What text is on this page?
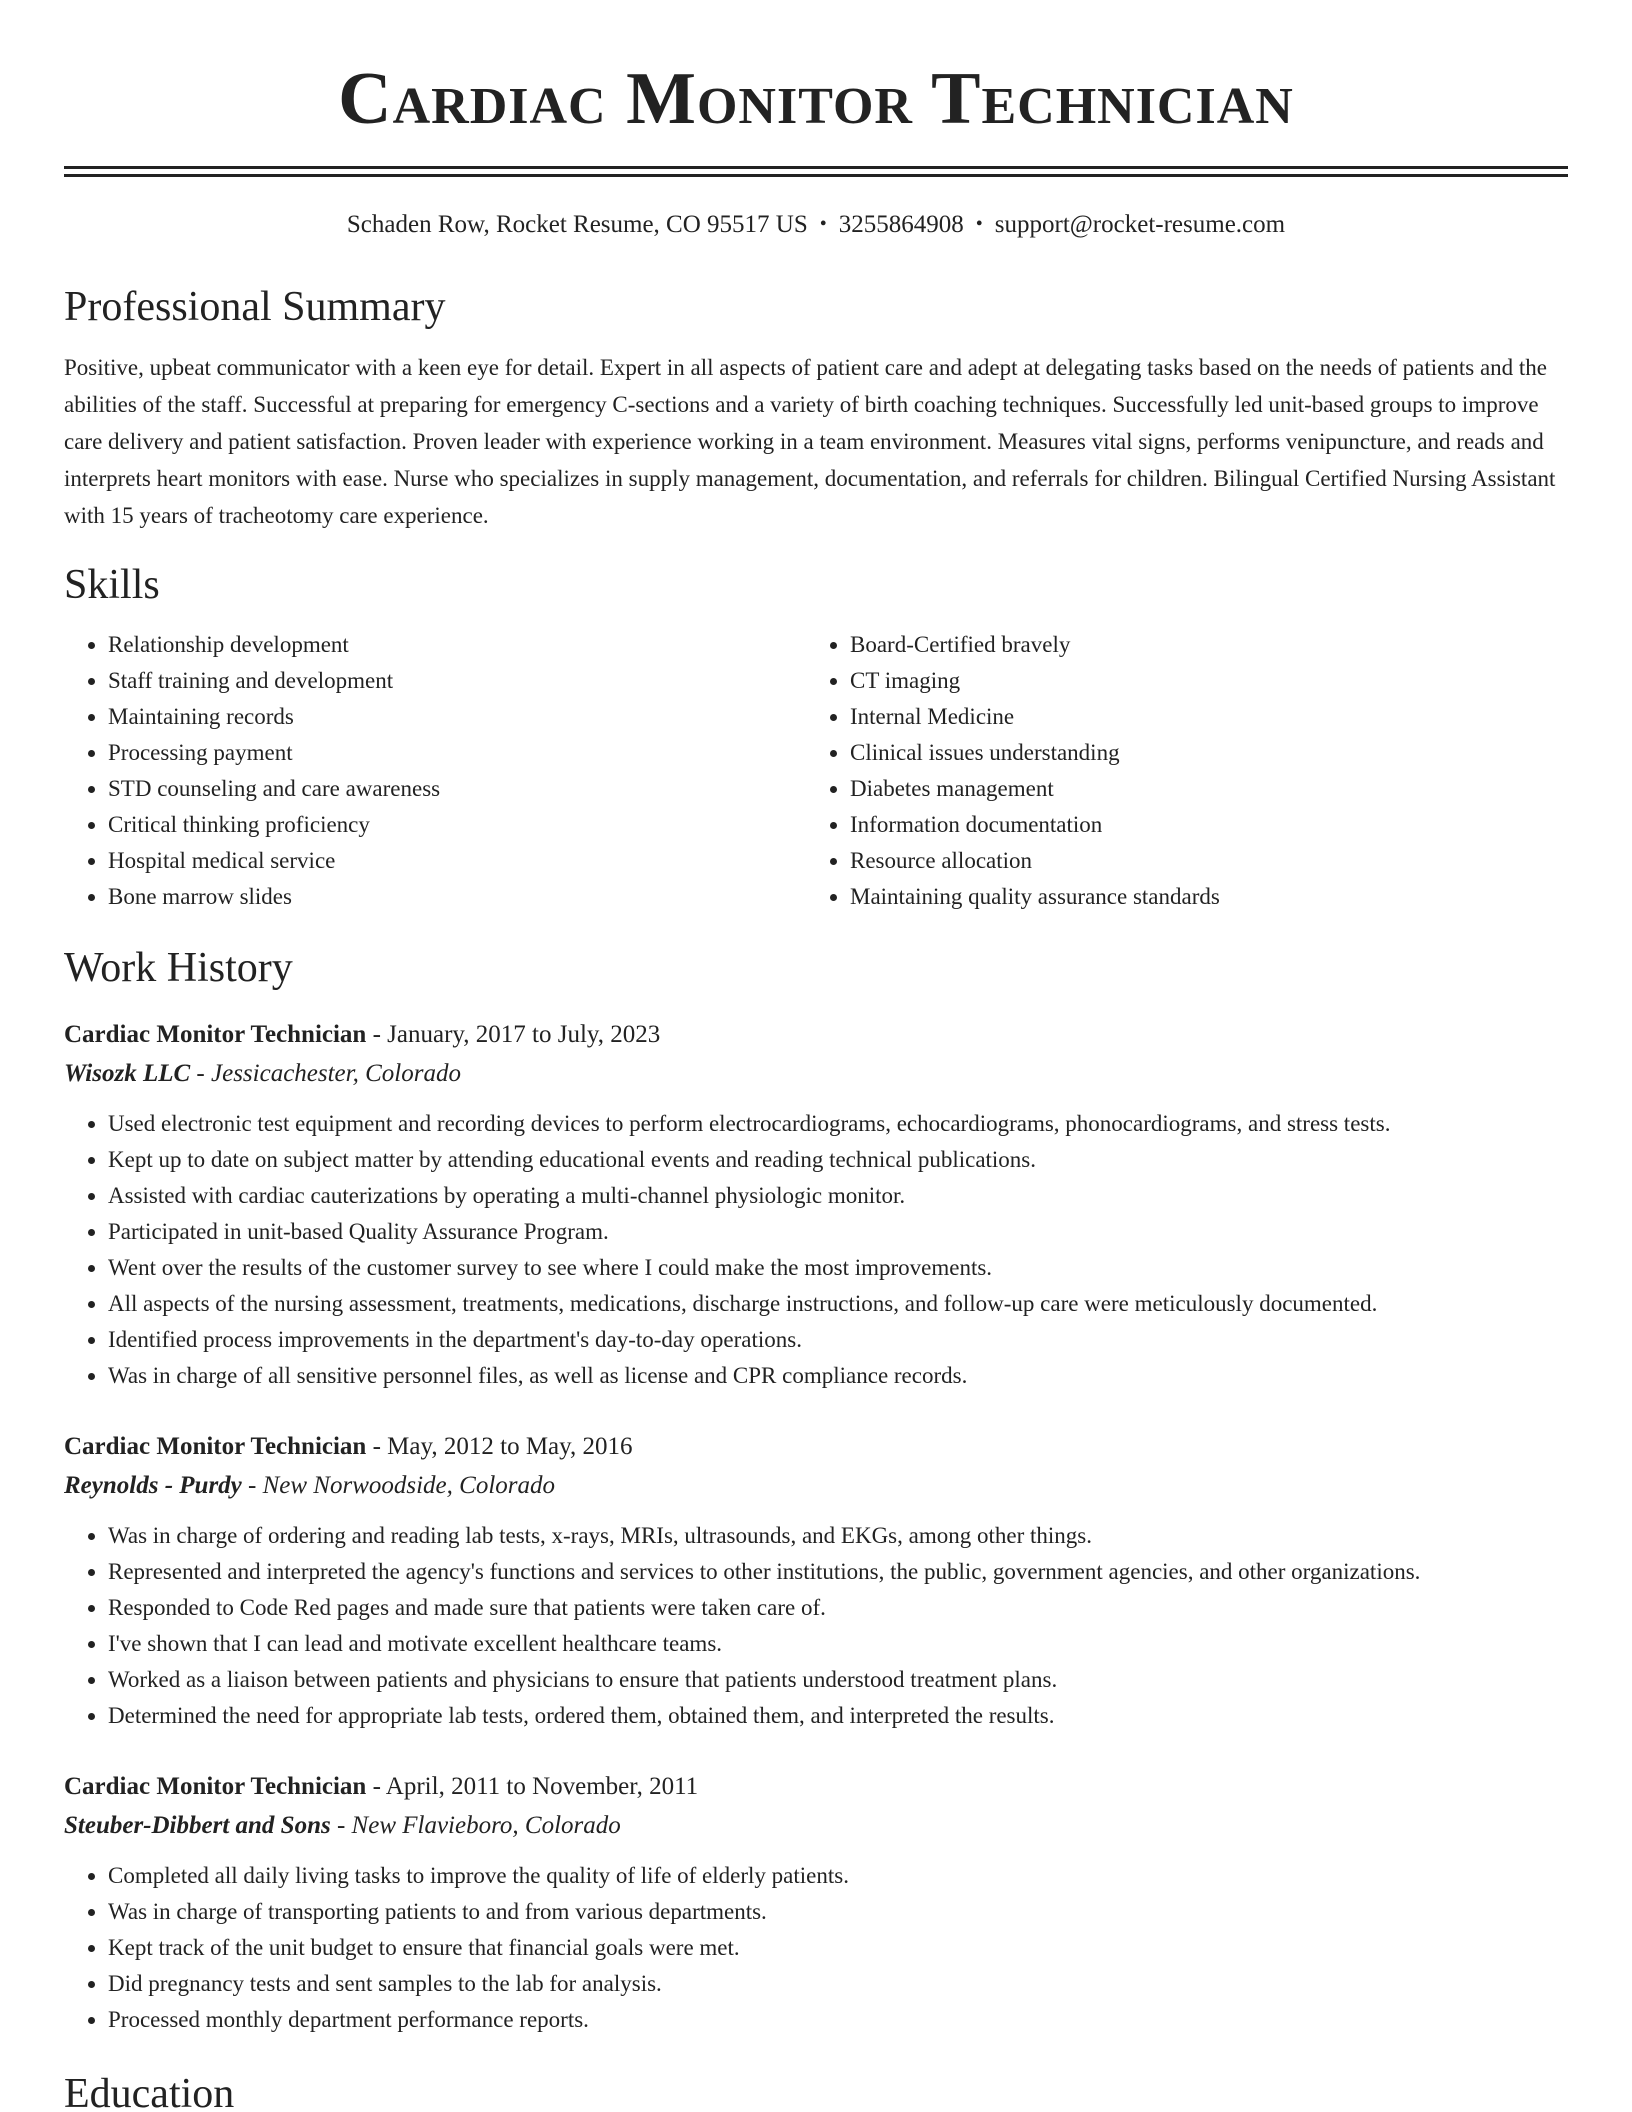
Cardiac Monitor Technician
Schaden Row, Rocket Resume, CO 95517 US • 3255864908 • support@rocket-resume.com
Professional Summary

Positive, upbeat communicator with a keen eye for detail. Expert in all aspects of patient care and adept at delegating tasks based on the needs of patients and the abilities of the staff. Successful at preparing for emergency C-sections and a variety of birth coaching techniques. Successfully led unit-based groups to improve care delivery and patient satisfaction. Proven leader with experience working in a team environment. Measures vital signs, performs venipuncture, and reads and interprets heart monitors with ease. Nurse who specializes in supply management, documentation, and referrals for children. Bilingual Certified Nursing Assistant with 15 years of tracheotomy care experience.

Skills
• Relationship development
• Staff training and development
• Maintaining records
• Processing payment
• STD counseling and care awareness
• Critical thinking proficiency
• Hospital medical service
• Bone marrow slides
• Board-Certified bravely
• CT imaging
• Internal Medicine
• Clinical issues understanding
• Diabetes management
• Information documentation
• Resource allocation
• Maintaining quality assurance standards
Work History
Cardiac Monitor Technician - January, 2017 to July, 2023
Wisozk LLC - Jessicachester, Colorado
• Used electronic test equipment and recording devices to perform electrocardiograms, echocardiograms, phonocardiograms, and stress tests.
• Kept up to date on subject matter by attending educational events and reading technical publications.
• Assisted with cardiac cauterizations by operating a multi-channel physiologic monitor.
• Participated in unit-based Quality Assurance Program.
• Went over the results of the customer survey to see where I could make the most improvements.
• All aspects of the nursing assessment, treatments, medications, discharge instructions, and follow-up care were meticulously documented.
• Identified process improvements in the department's day-to-day operations.
• Was in charge of all sensitive personnel files, as well as license and CPR compliance records.
Cardiac Monitor Technician - May, 2012 to May, 2016
Reynolds - Purdy - New Norwoodside, Colorado
• Was in charge of ordering and reading lab tests, x-rays, MRIs, ultrasounds, and EKGs, among other things.
• Represented and interpreted the agency's functions and services to other institutions, the public, government agencies, and other organizations.
• Responded to Code Red pages and made sure that patients were taken care of.
• I've shown that I can lead and motivate excellent healthcare teams.
• Worked as a liaison between patients and physicians to ensure that patients understood treatment plans.
• Determined the need for appropriate lab tests, ordered them, obtained them, and interpreted the results.
Cardiac Monitor Technician - April, 2011 to November, 2011
Steuber-Dibbert and Sons - New Flavieboro, Colorado
• Completed all daily living tasks to improve the quality of life of elderly patients.
• Was in charge of transporting patients to and from various departments.
• Kept track of the unit budget to ensure that financial goals were met.
• Did pregnancy tests and sent samples to the lab for analysis.
• Processed monthly department performance reports.
Education
